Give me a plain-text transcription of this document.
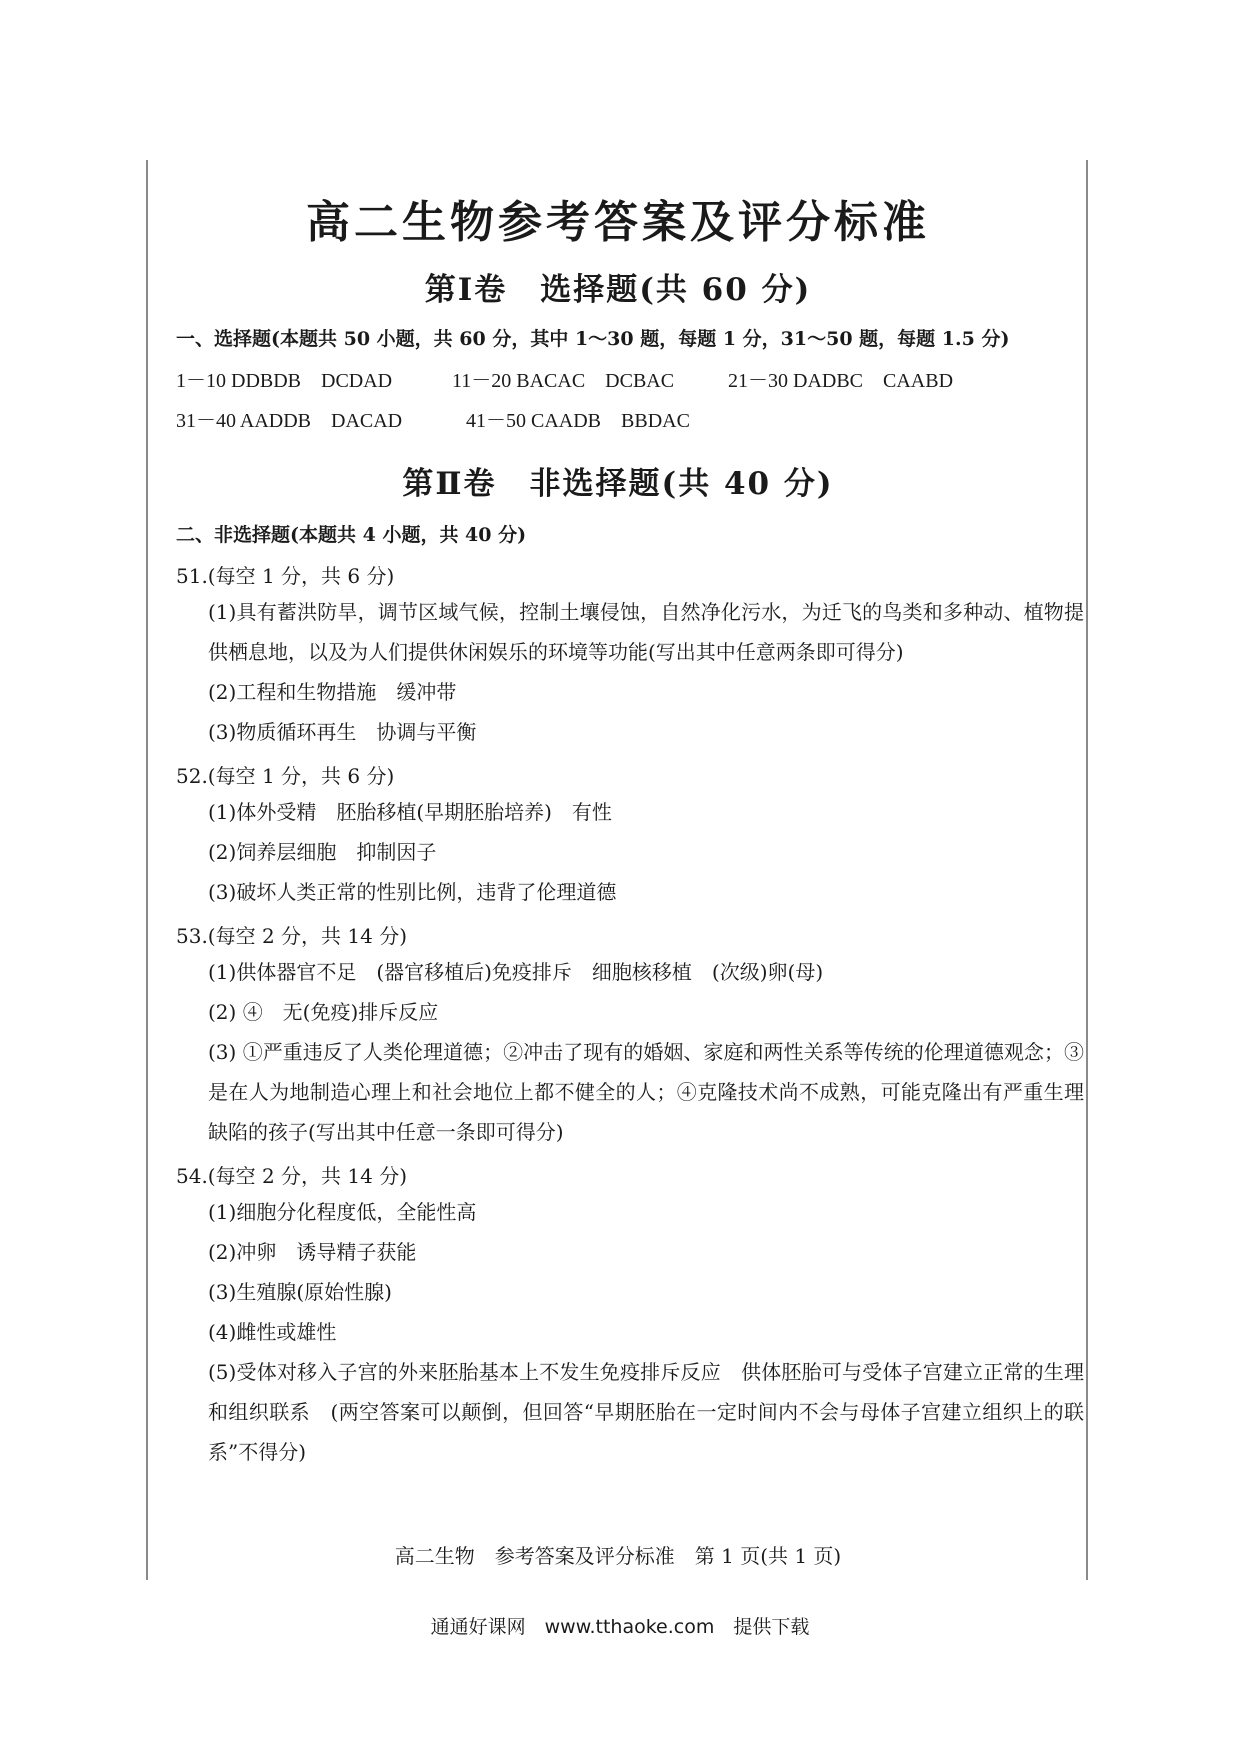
高二生物参考答案及评分标准
第Ⅰ卷　选择题(共 60 分)
一、选择题(本题共 50 小题，共 60 分，其中 1～30 题，每题 1 分，31～50 题，每题 1.5 分)
1－10 DDBDB　DCDAD	11－20 BACAC　DCBAC	21－30 DADBC　CAABD
31－40 AADDB　DACAD	41－50 CAADB　BBDAC
第Ⅱ卷　非选择题(共 40 分)
二、非选择题(本题共 4 小题，共 40 分)
51.(每空 1 分，共 6 分)
(1)具有蓄洪防旱，调节区域气候，控制土壤侵蚀，自然净化污水，为迁飞的鸟类和多种动、植物提供栖息地，以及为人们提供休闲娱乐的环境等功能(写出其中任意两条即可得分)
(2)工程和生物措施　缓冲带
(3)物质循环再生　协调与平衡
52.(每空 1 分，共 6 分)
(1)体外受精　胚胎移植(早期胚胎培养)　有性
(2)饲养层细胞　抑制因子
(3)破坏人类正常的性别比例，违背了伦理道德
53.(每空 2 分，共 14 分)
(1)供体器官不足　(器官移植后)免疫排斥　细胞核移植　(次级)卵(母)
(2) ④　无(免疫)排斥反应
(3) ①严重违反了人类伦理道德；②冲击了现有的婚姻、家庭和两性关系等传统的伦理道德观念；③是在人为地制造心理上和社会地位上都不健全的人；④克隆技术尚不成熟，可能克隆出有严重生理缺陷的孩子(写出其中任意一条即可得分)
54.(每空 2 分，共 14 分)
(1)细胞分化程度低，全能性高
(2)冲卵　诱导精子获能
(3)生殖腺(原始性腺)
(4)雌性或雄性
(5)受体对移入子宫的外来胚胎基本上不发生免疫排斥反应　供体胚胎可与受体子宫建立正常的生理和组织联系　(两空答案可以颠倒，但回答“早期胚胎在一定时间内不会与母体子宫建立组织上的联系”不得分)
高二生物　参考答案及评分标准　第 1 页(共 1 页)
通通好课网　www.tthaoke.com　提供下载
